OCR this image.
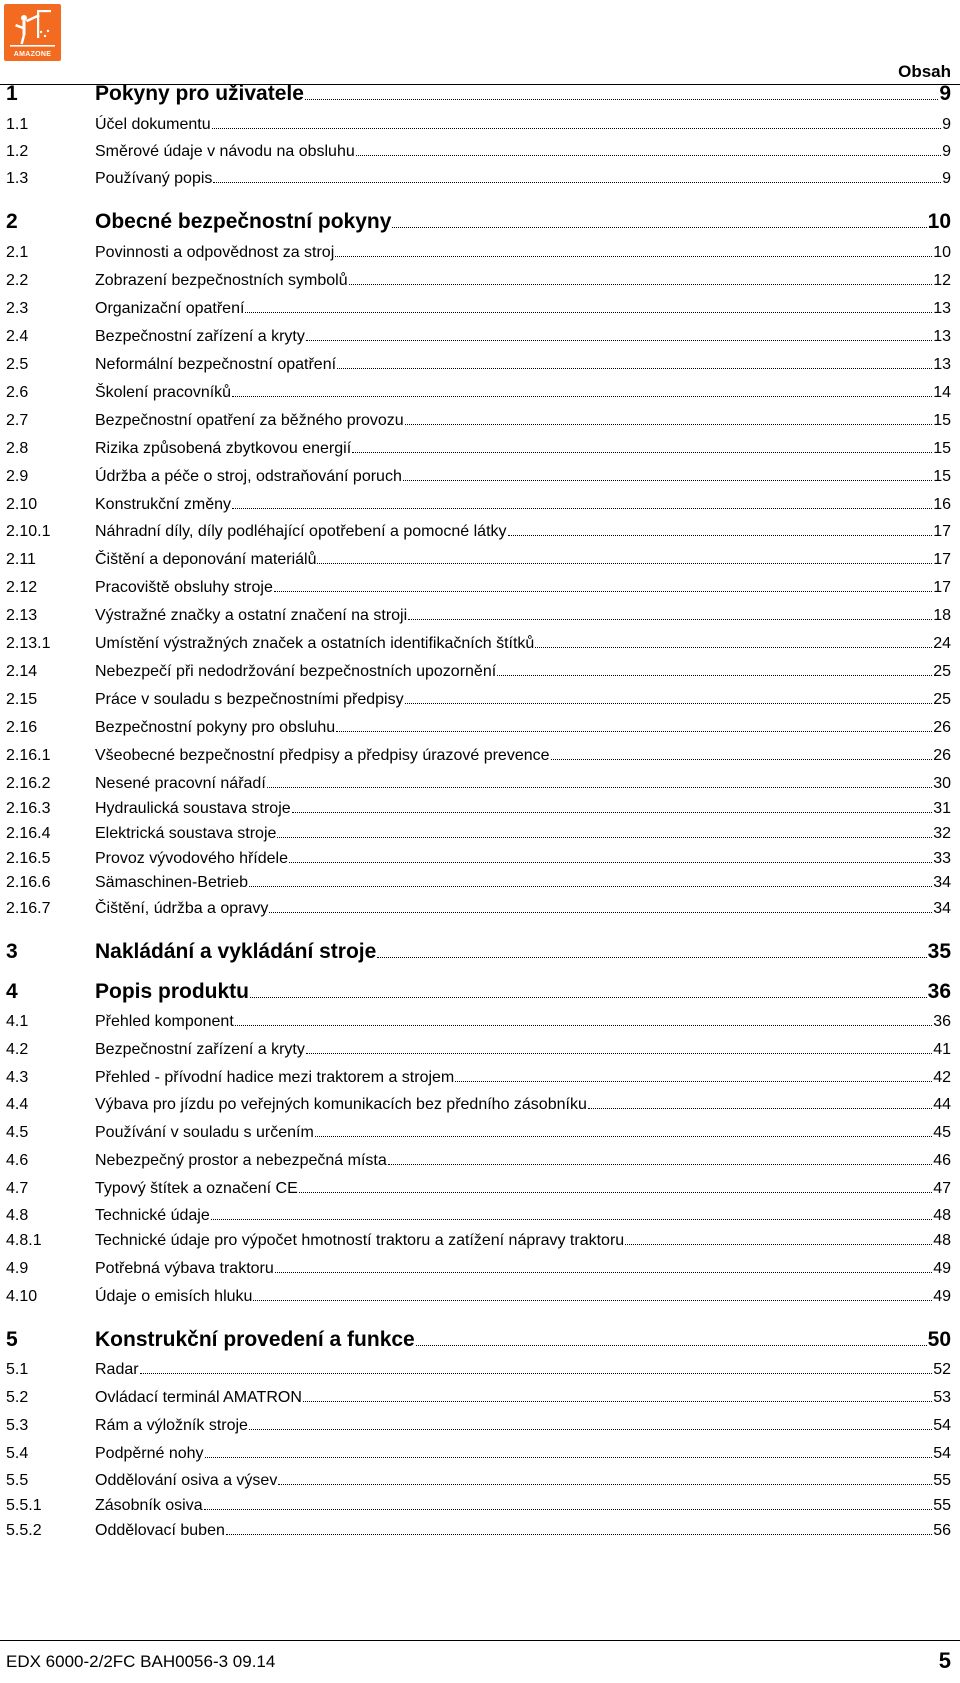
AMAZONE
Obsah
1	Pokyny pro uživatele	9
1.1	Účel dokumentu	9
1.2	Směrové údaje v návodu na obsluhu	9
1.3	Používaný popis	9
2	Obecné bezpečnostní pokyny	10
2.1	Povinnosti a odpovědnost za stroj	10
2.2	Zobrazení bezpečnostních symbolů	12
2.3	Organizační opatření	13
2.4	Bezpečnostní zařízení a kryty	13
2.5	Neformální bezpečnostní opatření	13
2.6	Školení pracovníků	14
2.7	Bezpečnostní opatření za běžného provozu	15
2.8	Rizika způsobená zbytkovou energií	15
2.9	Údržba a péče o stroj, odstraňování poruch	15
2.10	Konstrukční změny	16
2.10.1	Náhradní díly, díly podléhající opotřebení a pomocné látky	17
2.11	Čištění a deponování materiálů	17
2.12	Pracoviště obsluhy stroje	17
2.13	Výstražné značky a ostatní značení na stroji	18
2.13.1	Umístění výstražných značek a ostatních identifikačních štítků	24
2.14	Nebezpečí při nedodržování bezpečnostních upozornění	25
2.15	Práce v souladu s bezpečnostními předpisy	25
2.16	Bezpečnostní pokyny pro obsluhu	26
2.16.1	Všeobecné bezpečnostní předpisy a předpisy úrazové prevence	26
2.16.2	Nesené pracovní nářadí	30
2.16.3	Hydraulická soustava stroje	31
2.16.4	Elektrická soustava stroje	32
2.16.5	Provoz vývodového hřídele	33
2.16.6	Sämaschinen-Betrieb	34
2.16.7	Čištění, údržba a opravy	34
3	Nakládání a vykládání stroje	35
4	Popis produktu	36
4.1	Přehled komponent	36
4.2	Bezpečnostní zařízení a kryty	41
4.3	Přehled - přívodní hadice mezi traktorem a strojem	42
4.4	Výbava pro jízdu po veřejných komunikacích bez předního zásobníku	44
4.5	Používání v souladu s určením	45
4.6	Nebezpečný prostor a nebezpečná místa	46
4.7	Typový štítek a označení CE	47
4.8	Technické údaje	48
4.8.1	Technické údaje pro výpočet hmotností traktoru a zatížení nápravy traktoru	48
4.9	Potřebná výbava traktoru	49
4.10	Údaje o emisích hluku	49
5	Konstrukční provedení a funkce	50
5.1	Radar	52
5.2	Ovládací terminál AMATRON	53
5.3	Rám a výložník stroje	54
5.4	Podpěrné nohy	54
5.5	Oddělování osiva a výsev	55
5.5.1	Zásobník osiva	55
5.5.2	Oddělovací buben	56
EDX 6000-2/2FC BAH0056-3 09.14	5
